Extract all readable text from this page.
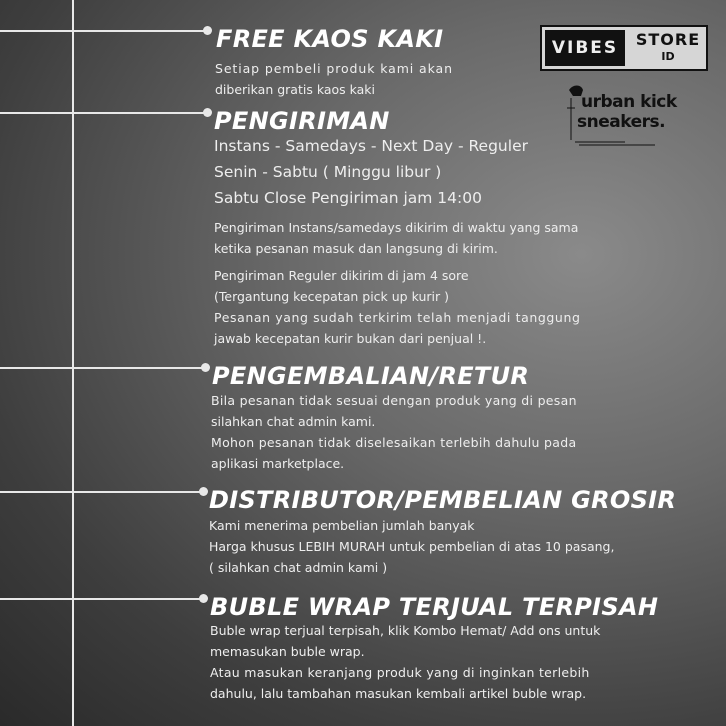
VIBES	STORE
ID
urban kick
sneakers.
FREE KAOS KAKI
Setiap pembeli produk kami akan
diberikan gratis kaos kaki
PENGIRIMAN
Instans - Samedays - Next Day - Reguler
Senin - Sabtu ( Minggu libur )
Sabtu Close Pengiriman jam 14:00
Pengiriman Instans/samedays dikirim di waktu yang sama
ketika pesanan masuk dan langsung di kirim.
Pengiriman Reguler dikirim di jam 4 sore
(Tergantung kecepatan pick up kurir )
Pesanan yang sudah terkirim telah menjadi tanggung
jawab kecepatan kurir bukan dari penjual !.
PENGEMBALIAN/RETUR
Bila pesanan tidak sesuai dengan produk yang di pesan
silahkan chat admin kami.
Mohon pesanan tidak diselesaikan terlebih dahulu pada
aplikasi marketplace.
DISTRIBUTOR/PEMBELIAN GROSIR
Kami menerima pembelian jumlah banyak
Harga khusus LEBIH MURAH untuk pembelian di atas 10 pasang,
( silahkan chat admin kami )
BUBLE WRAP TERJUAL TERPISAH
Buble wrap terjual terpisah, klik Kombo Hemat/ Add ons untuk
memasukan buble wrap.
Atau masukan keranjang produk yang di inginkan terlebih
dahulu, lalu tambahan masukan kembali artikel buble wrap.
